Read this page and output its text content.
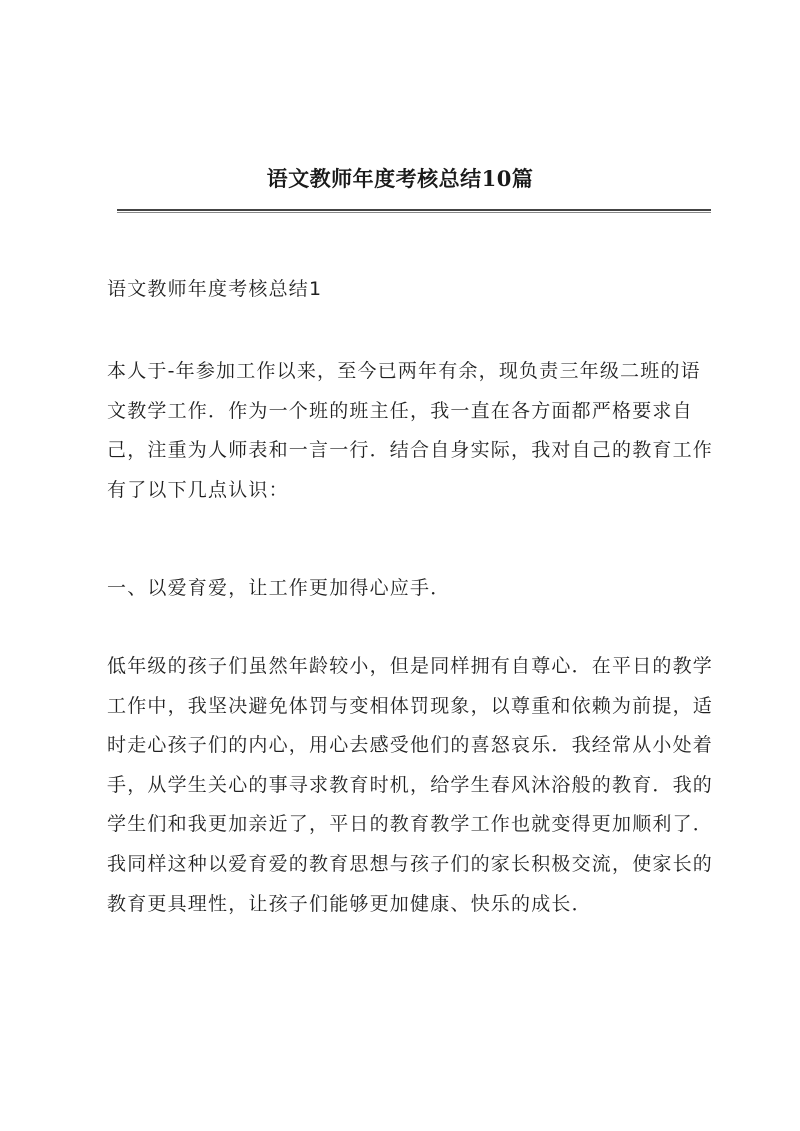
语文教师年度考核总结10篇

语文教师年度考核总结1

本人于-年参加工作以来，至今已两年有余，现负责三年级二班的语文教学工作．作为一个班的班主任，我一直在各方面都严格要求自己，注重为人师表和一言一行．结合自身实际，我对自己的教育工作有了以下几点认识：

一、以爱育爱，让工作更加得心应手．

低年级的孩子们虽然年龄较小，但是同样拥有自尊心．在平日的教学工作中，我坚决避免体罚与变相体罚现象，以尊重和依赖为前提，适时走心孩子们的内心，用心去感受他们的喜怒哀乐．我经常从小处着手，从学生关心的事寻求教育时机，给学生春风沐浴般的教育．我的学生们和我更加亲近了，平日的教育教学工作也就变得更加顺利了．我同样这种以爱育爱的教育思想与孩子们的家长积极交流，使家长的教育更具理性，让孩子们能够更加健康、快乐的成长．
